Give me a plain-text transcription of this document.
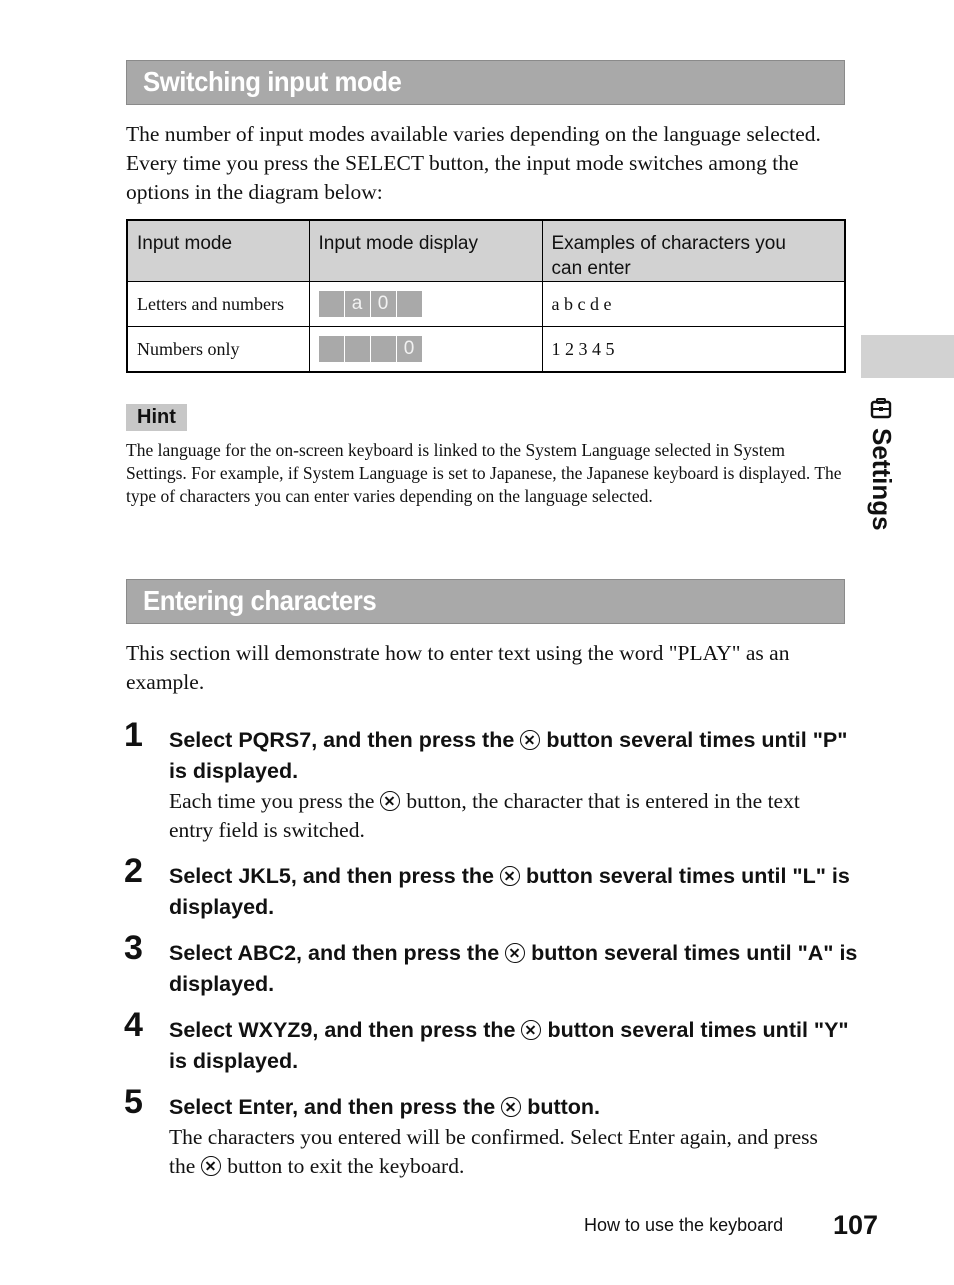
Switching input mode
The number of input modes available varies depending on the language selected. Every time you press the SELECT button, the input mode switches among the options in the diagram below:
Input mode	Input mode display	Examples of characters you can enter

Letters and numbers	a 0	a b c d e
Numbers only	0	1 2 3 4 5
Hint
The language for the on-screen keyboard is linked to the System Language selected in System Settings. For example, if System Language is set to Japanese, the Japanese keyboard is displayed. The type of characters you can enter varies depending on the language selected.
Entering characters
This section will demonstrate how to enter text using the word "PLAY" as an example.
1 Select PQRS7, and then press the button several times until "P" is displayed.
Each time you press the button, the character that is entered in the text entry field is switched.
2 Select JKL5, and then press the button several times until "L" is displayed.
3 Select ABC2, and then press the button several times until "A" is displayed.
4 Select WXYZ9, and then press the button several times until "Y" is displayed.
5 Select Enter, and then press the button.
The characters you entered will be confirmed. Select Enter again, and press the button to exit the keyboard.
Settings
How to use the keyboard 107
